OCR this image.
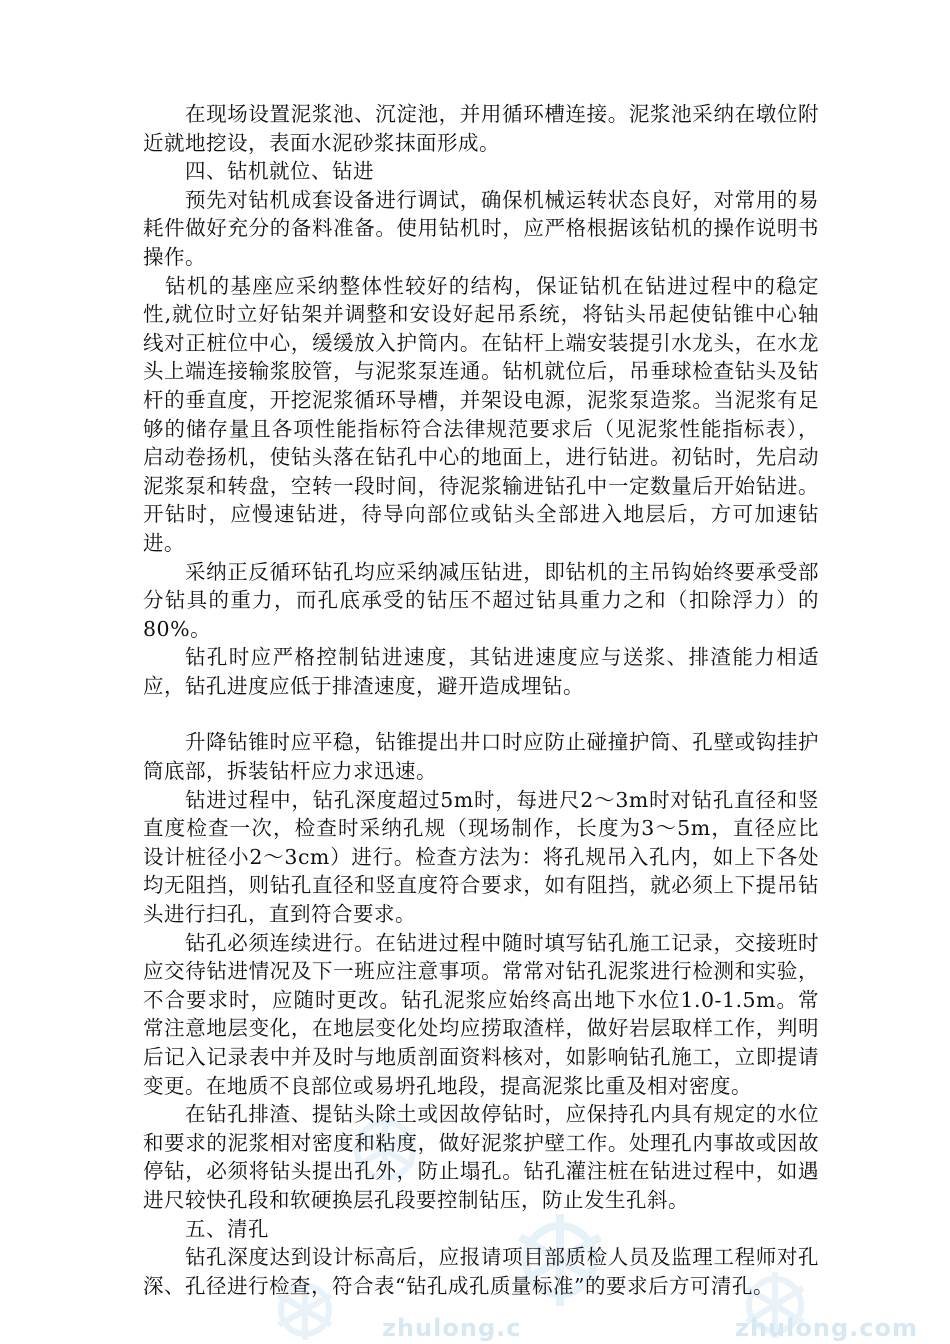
zhulong.c	zhulong.com

在现场设置泥浆池、沉淀池，并用循环槽连接。泥浆池采纳在墩位附近就地挖设，表面水泥砂浆抹面形成。

四、钻机就位、钻进

预先对钻机成套设备进行调试，确保机械运转状态良好，对常用的易耗件做好充分的备料准备。使用钻机时，应严格根据该钻机的操作说明书操作。

钻机的基座应采纳整体性较好的结构，保证钻机在钻进过程中的稳定性,就位时立好钻架并调整和安设好起吊系统，将钻头吊起使钻锥中心轴线对正桩位中心，缓缓放入护筒内。在钻杆上端安装提引水龙头，在水龙头上端连接输浆胶管，与泥浆泵连通。钻机就位后，吊垂球检查钻头及钻杆的垂直度，开挖泥浆循环导槽，并架设电源，泥浆泵造浆。当泥浆有足够的储存量且各项性能指标符合法律规范要求后（见泥浆性能指标表），启动卷扬机，使钻头落在钻孔中心的地面上，进行钻进。初钻时，先启动泥浆泵和转盘，空转一段时间，待泥浆输进钻孔中一定数量后开始钻进。开钻时，应慢速钻进，待导向部位或钻头全部进入地层后，方可加速钻进。

采纳正反循环钻孔均应采纳减压钻进，即钻机的主吊钩始终要承受部分钻具的重力，而孔底承受的钻压不超过钻具重力之和（扣除浮力）的80%。

钻孔时应严格控制钻进速度，其钻进速度应与送浆、排渣能力相适应，钻孔进度应低于排渣速度，避开造成埋钻。

升降钻锥时应平稳，钻锥提出井口时应防止碰撞护筒、孔壁或钩挂护筒底部，拆装钻杆应力求迅速。

钻进过程中，钻孔深度超过5m时，每进尺2～3m时对钻孔直径和竖直度检查一次，检查时采纳孔规（现场制作，长度为3～5m，直径应比设计桩径小2～3cm）进行。检查方法为：将孔规吊入孔内，如上下各处均无阻挡，则钻孔直径和竖直度符合要求，如有阻挡，就必须上下提吊钻头进行扫孔，直到符合要求。

钻孔必须连续进行。在钻进过程中随时填写钻孔施工记录，交接班时应交待钻进情况及下一班应注意事项。常常对钻孔泥浆进行检测和实验，不合要求时，应随时更改。钻孔泥浆应始终高出地下水位1.0-1.5m。常常注意地层变化，在地层变化处均应捞取渣样，做好岩层取样工作，判明后记入记录表中并及时与地质剖面资料核对，如影响钻孔施工，立即提请变更。在地质不良部位或易坍孔地段，提高泥浆比重及相对密度。

在钻孔排渣、提钻头除土或因故停钻时，应保持孔内具有规定的水位和要求的泥浆相对密度和粘度，做好泥浆护壁工作。处理孔内事故或因故停钻，必须将钻头提出孔外，防止塌孔。钻孔灌注桩在钻进过程中，如遇进尺较快孔段和软硬换层孔段要控制钻压，防止发生孔斜。

五、清孔

钻孔深度达到设计标高后，应报请项目部质检人员及监理工程师对孔深、孔径进行检查，符合表“钻孔成孔质量标准”的要求后方可清孔。
